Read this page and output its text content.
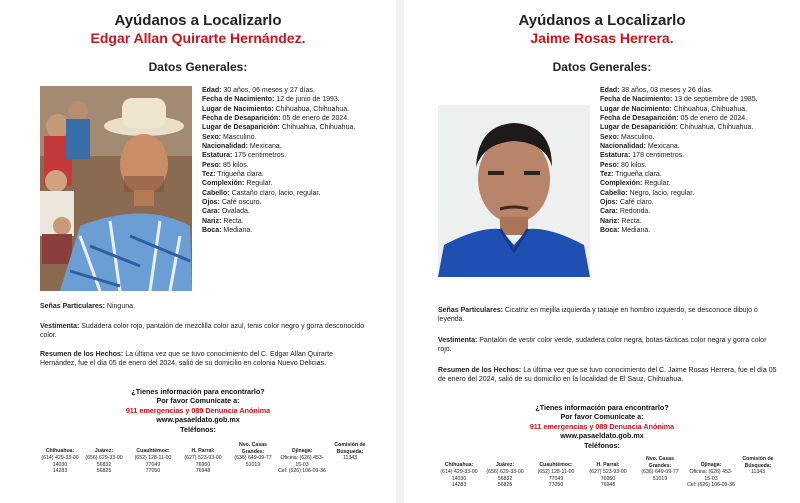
Ayúdanos a Localizarlo
Edgar Allan Quirarte Hernández.
Datos Generales:
Edad: 30 años, 06 meses y 27 días.
Fecha de Nacimiento: 12 de junio de 1993.
Lugar de Nacimiento: Chihuahua, Chihuahua.
Fecha de Desaparición: 05 de enero de 2024.
Lugar de Desaparición: Chihuahua, Chihuahua.
Sexo: Masculino.
Nacionalidad: Mexicana.
Estatura: 175 centimetros.
Peso: 85 kilos.
Tez: Trigueña clara.
Complexión: Regular.
Cabello: Castaño claro, lacio, regular.
Ojos: Café oscuro.
Cara: Ovalada.
Nariz: Recta.
Boca: Mediana.
Señas Particulares: Ninguna.
Vestimenta: Sudadera color rojo, pantalón de mezclilla color azul, tenis color negro y gorra desconocido color.
Resumen de los Hechos: La última vez que se tuvo conocimiento del C. Edgar Allan Quirarte Hernández, fue el día 05 de enero del 2024, salió de su domicilio en colonia Nuevo Delicias.
¿Tienes información para encontrarlo?
Por favor Comunícate a:
911 emergencias y 089 Denuncia Anónima
www.pasaeldato.gob.mx
Teléfonos:
Chihuahua:
(614) 429-33-00
14030
14283
Juárez:
(656) 629-33-00
56832
56825
Cuauhtémoc:
(652) 128-11-00
77049
77050
H. Parral:
(627) 523-93-00
76950
76948
Nvo. Casas Grandes:
(636) 649-09-77
51019
Ojinaga:
Oficina: (626) 453-
15-03
Cel: (626) 106-09-36
Comisión de Búsqueda:
11343
Ayúdanos a Localizarlo
Jaime Rosas Herrera.
Datos Generales:
Edad: 38 años, 03 meses y 26 días.
Fecha de Nacimiento: 13 de septiembre de 1985.
Lugar de Nacimiento: Chihuahua, Chihuahua.
Fecha de Desaparición: 05 de enero de 2024.
Lugar de Desaparición: Chihuahua, Chihuahua.
Sexo: Masculino.
Nacionalidad: Mexicana.
Estatura: 178 centimetros.
Peso: 80 kilos.
Tez: Trigueña clara.
Complexión: Regular.
Cabello: Negro, lacio, regular.
Ojos: Café claro.
Cara: Redonda.
Nariz: Recta.
Boca: Mediana.
Señas Particulares: Cicatriz en mejilla izquierda y tatuaje en hombro izquierdo, se desconoce dibujo o leyenda.
Vestimenta: Pantalón de vestir color verde, sudadera color negra, botas tácticas color negra y gorra color rojo.
Resumen de los Hechos: La última vez que se tuvo conocimiento del C. Jaime Rosas Herrera, fue el día 05 de enero del 2024, salió de su domicilio en la localidad de El Sauz, Chihuahua.
¿Tienes información para encontrarlo?
Por favor Comunícate a:
911 emergencias y 089 Denuncia Anónima
www.pasaeldato.gob.mx
Teléfonos:
Chihuahua:
(614) 429-33-00
14030
14283
Juárez:
(656) 629-33-00
56832
56825
Cuauhtémoc:
(652) 128-11-00
77049
77050
H. Parral:
(627) 523-93-00
76950
76948
Nvo. Casas Grandes:
(636) 649-09-77
51019
Ojinaga:
Oficina: (626) 453-
15-03
Cel: (626) 106-09-36
Comisión de Búsqueda:
11343
